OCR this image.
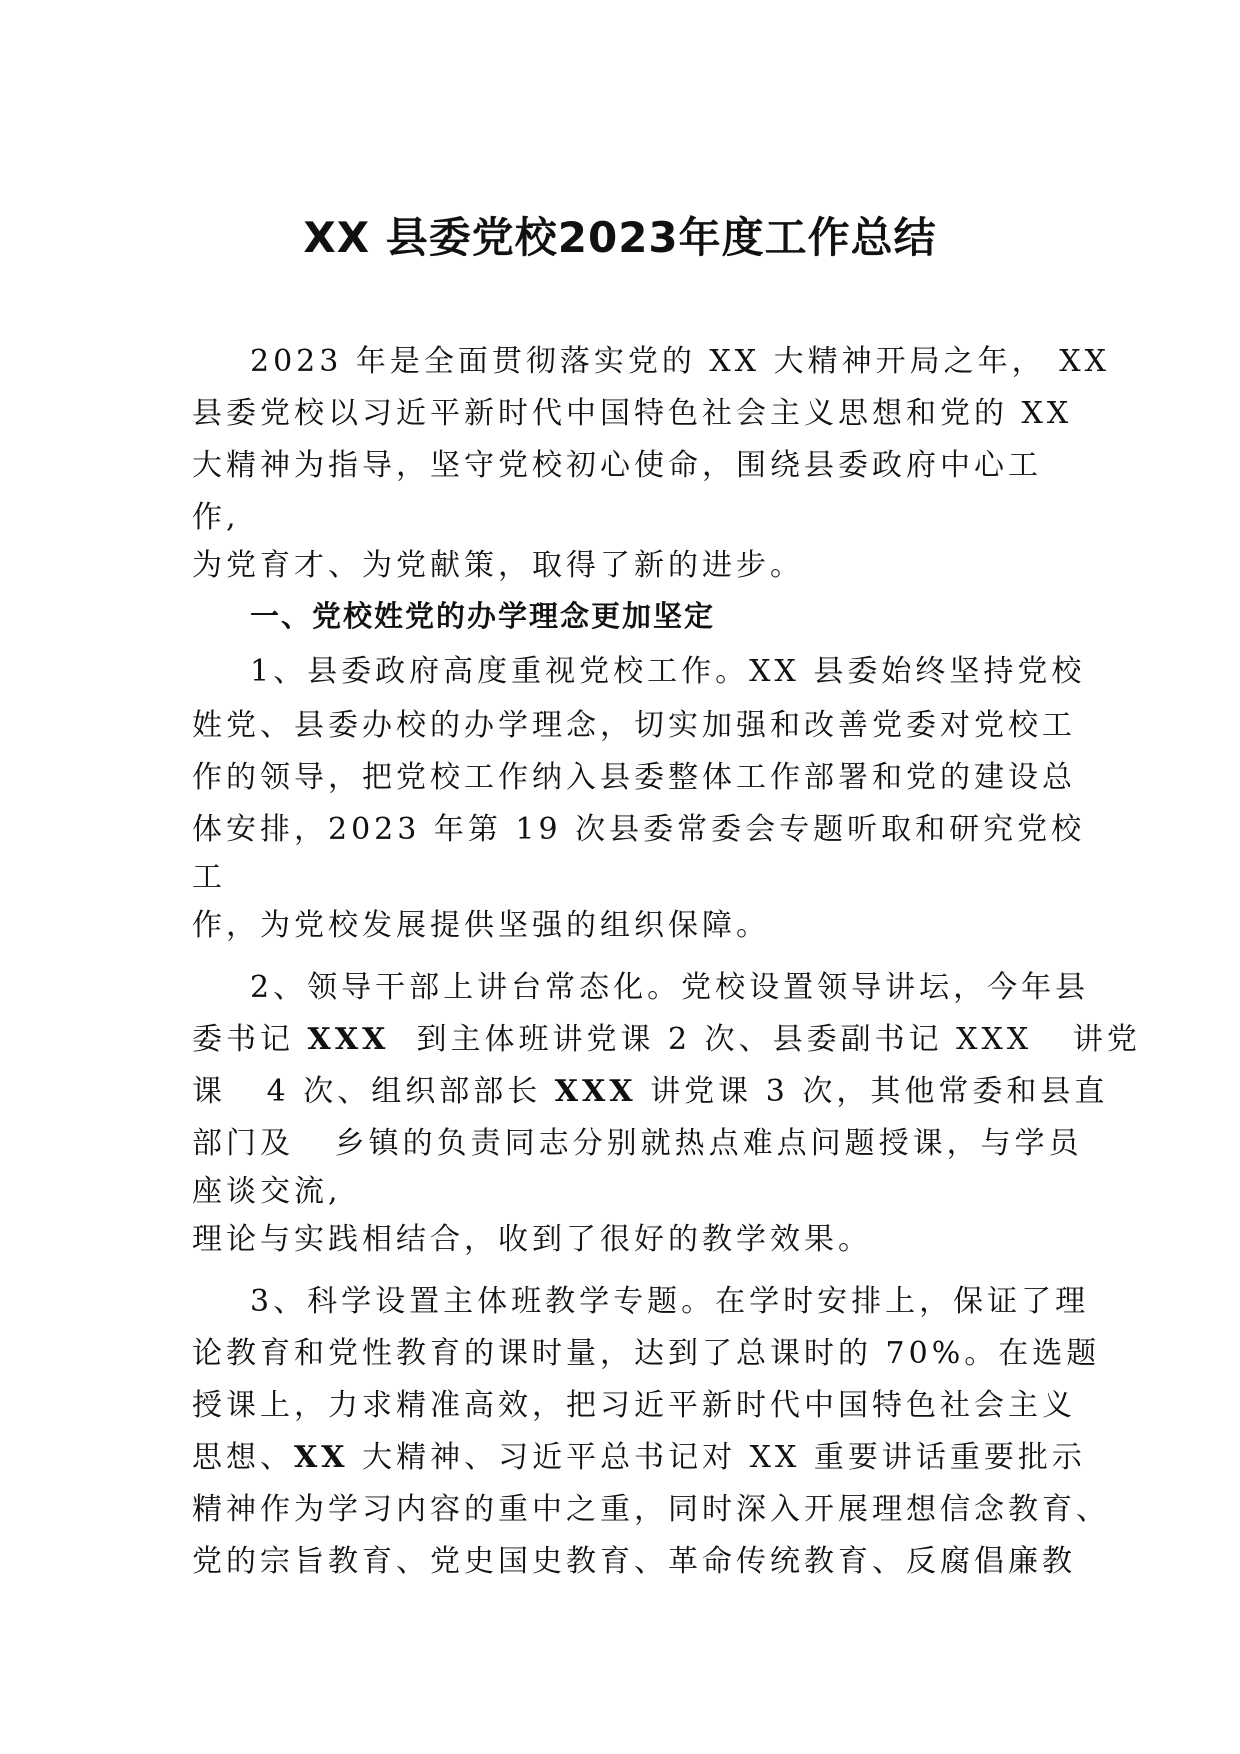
XX 县委党校2023年度工作总结
2023 年是全面贯彻落实党的 XX 大精神开局之年， XX
县委党校以习近平新时代中国特色社会主义思想和党的 XX
大精神为指导，坚守党校初心使命，围绕县委政府中心工
作,
为党育才、为党献策，取得了新的进步。
一、党校姓党的办学理念更加坚定
1、县委政府高度重视党校工作。XX 县委始终坚持党校
姓党、县委办校的办学理念，切实加强和改善党委对党校工
作的领导，把党校工作纳入县委整体工作部署和党的建设总
体安排，2023 年第 19 次县委常委会专题听取和研究党校
工
作，为党校发展提供坚强的组织保障。
2、领导干部上讲台常态化。党校设置领导讲坛，今年县
委书记 XXX  到主体班讲党课 2 次、县委副书记 XXX   讲党
课   4 次、组织部部长 XXX 讲党课 3 次，其他常委和县直
部门及   乡镇的负责同志分别就热点难点问题授课，与学员
座谈交流,
理论与实践相结合，收到了很好的教学效果。
3、科学设置主体班教学专题。在学时安排上，保证了理
论教育和党性教育的课时量，达到了总课时的 70%。在选题
授课上，力求精准高效，把习近平新时代中国特色社会主义
思想、XX 大精神、习近平总书记对 XX 重要讲话重要批示
精神作为学习内容的重中之重，同时深入开展理想信念教育、
党的宗旨教育、党史国史教育、革命传统教育、反腐倡廉教
